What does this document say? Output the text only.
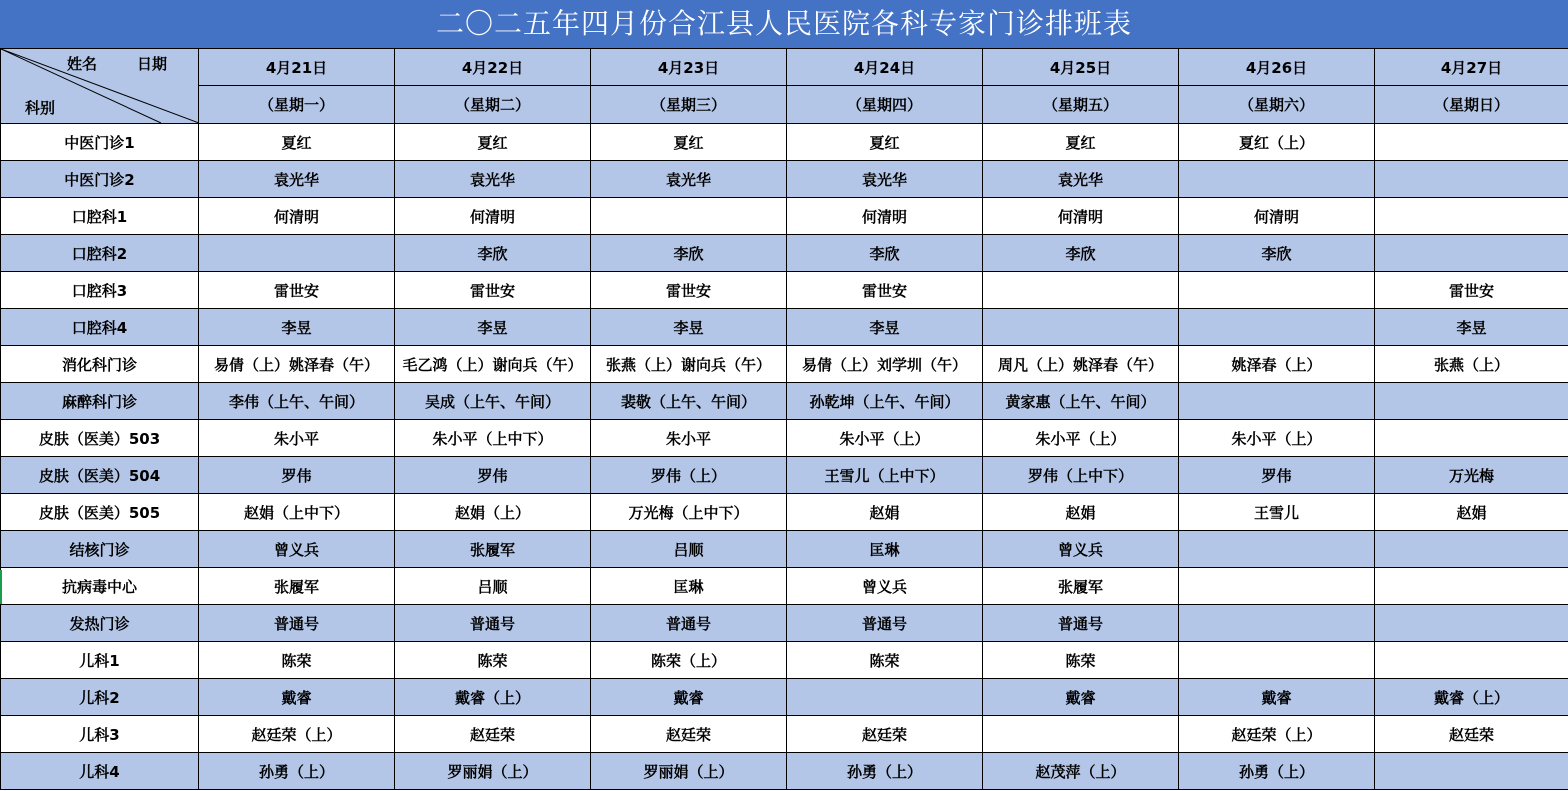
二〇二五年四月份合江县人民医院各科专家门诊排班表
姓名 日期
科别	4月21日	4月22日	4月23日	4月24日	4月25日	4月26日	4月27日
	（星期一）	（星期二）	（星期三）	（星期四）	（星期五）	（星期六）	（星期日）
中医门诊1	夏红	夏红	夏红	夏红	夏红	夏红（上）	
中医门诊2	袁光华	袁光华	袁光华	袁光华	袁光华		
口腔科1	何清明	何清明		何清明	何清明	何清明	
口腔科2		李欣	李欣	李欣	李欣	李欣	
口腔科3	雷世安	雷世安	雷世安	雷世安			雷世安
口腔科4	李昱	李昱	李昱	李昱			李昱
消化科门诊	易倩（上）姚泽春（午）	毛乙鸿（上）谢向兵（午）	张燕（上）谢向兵（午）	易倩（上）刘学圳（午）	周凡（上）姚泽春（午）	姚泽春（上）	张燕（上）
麻醉科门诊	李伟（上午、午间）	吴成（上午、午间）	裴敬（上午、午间）	孙乾坤（上午、午间）	黄家惠（上午、午间）		
皮肤（医美）503	朱小平	朱小平（上中下）	朱小平	朱小平（上）	朱小平（上）	朱小平（上）	
皮肤（医美）504	罗伟	罗伟	罗伟（上）	王雪儿（上中下）	罗伟（上中下）	罗伟	万光梅
皮肤（医美）505	赵娟（上中下）	赵娟（上）	万光梅（上中下）	赵娟	赵娟	王雪儿	赵娟
结核门诊	曾义兵	张履军	吕顺	匡琳	曾义兵		
抗病毒中心	张履军	吕顺	匡琳	曾义兵	张履军		
发热门诊	普通号	普通号	普通号	普通号	普通号		
儿科1	陈荣	陈荣	陈荣（上）	陈荣	陈荣		
儿科2	戴睿	戴睿（上）	戴睿		戴睿	戴睿	戴睿（上）
儿科3	赵廷荣（上）	赵廷荣	赵廷荣	赵廷荣		赵廷荣（上）	赵廷荣
儿科4	孙勇（上）	罗丽娟（上）	罗丽娟（上）	孙勇（上）	赵茂萍（上）	孙勇（上）	
